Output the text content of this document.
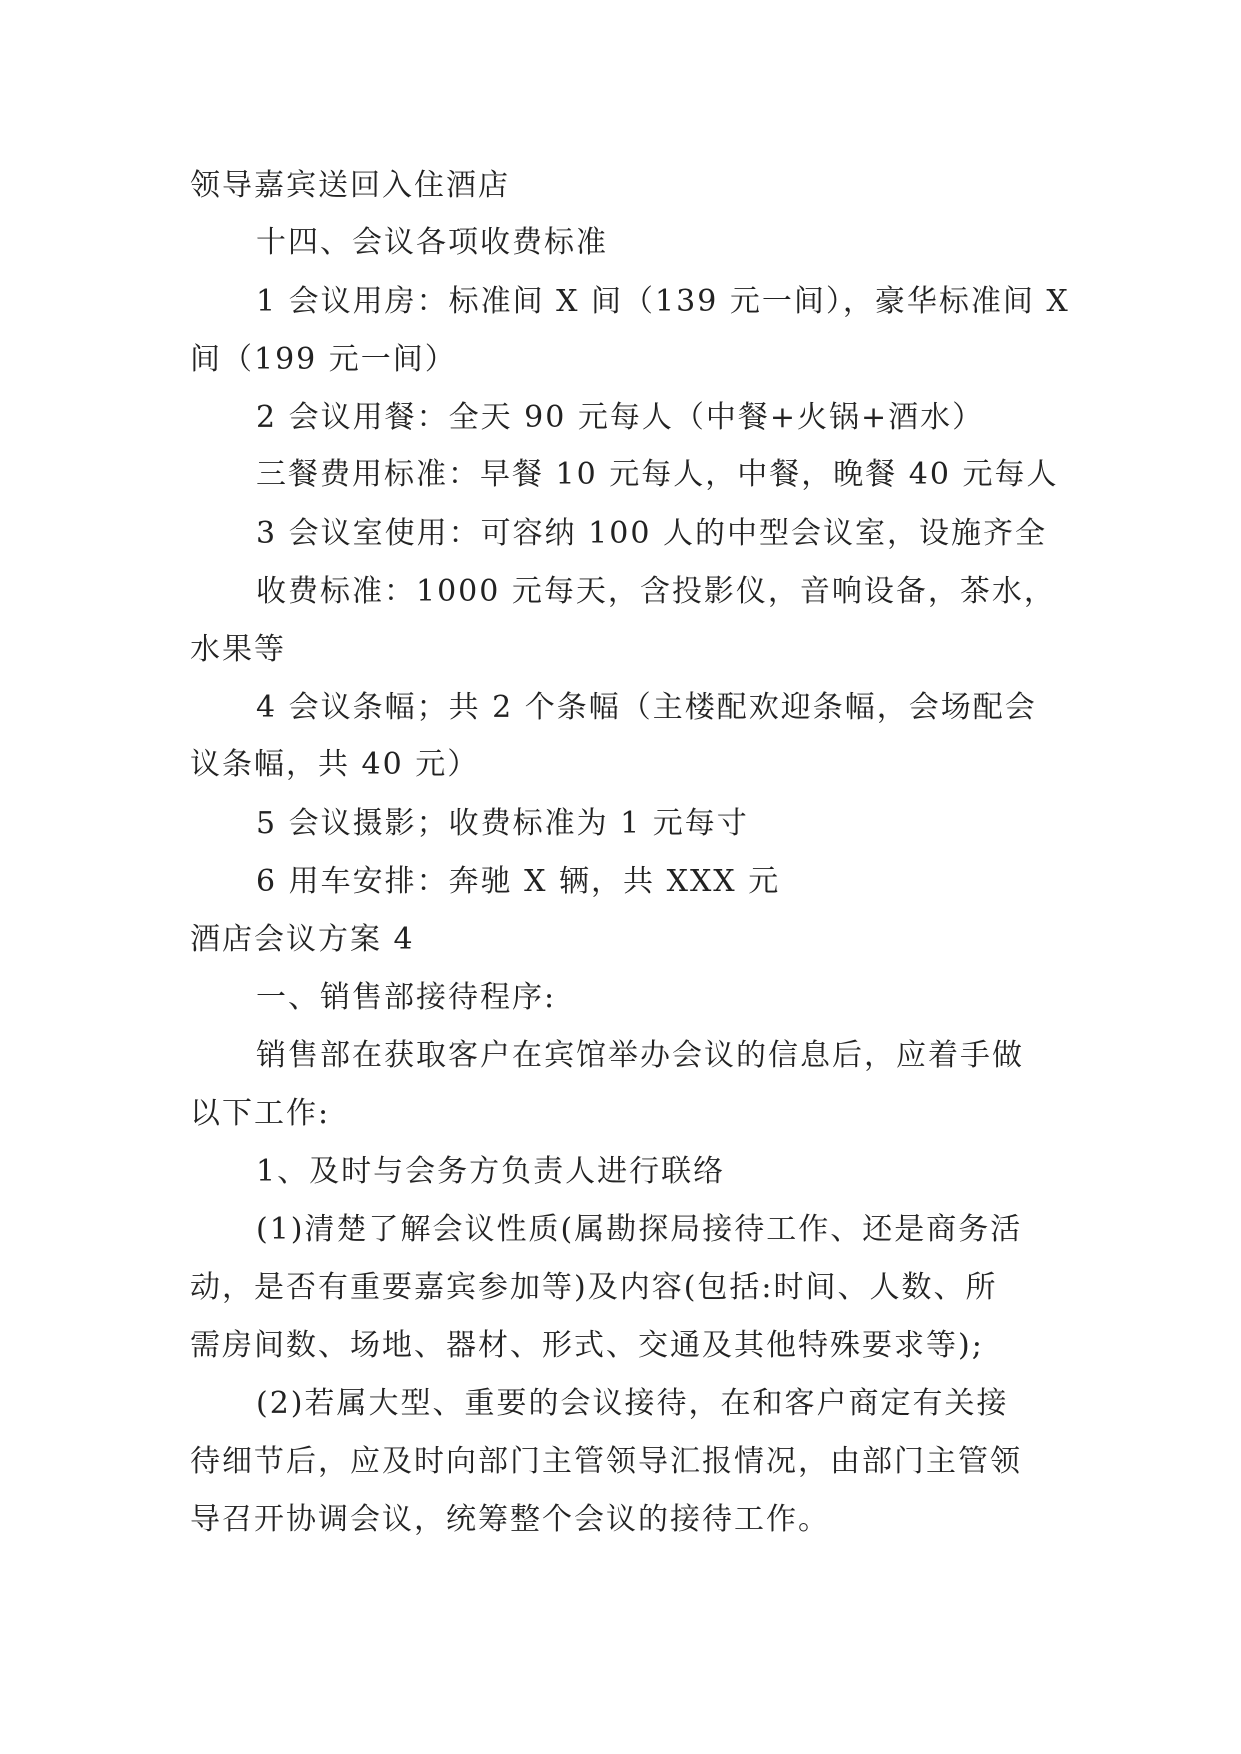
领导嘉宾送回入住酒店
十四、会议各项收费标准
1 会议用房：标准间 X 间（139 元一间），豪华标准间 X
间（199 元一间）
2 会议用餐：全天 90 元每人（中餐+火锅+酒水）
三餐费用标准：早餐 10 元每人，中餐，晚餐 40 元每人
3 会议室使用：可容纳 100 人的中型会议室，设施齐全
收费标准：1000 元每天，含投影仪，音响设备，茶水，
水果等
4 会议条幅；共 2 个条幅（主楼配欢迎条幅，会场配会
议条幅，共 40 元）
5 会议摄影；收费标准为 1 元每寸
6 用车安排：奔驰 X 辆，共 XXX 元
酒店会议方案 4
一、销售部接待程序:
销售部在获取客户在宾馆举办会议的信息后，应着手做
以下工作:
1、及时与会务方负责人进行联络
(1)清楚了解会议性质(属勘探局接待工作、还是商务活
动，是否有重要嘉宾参加等)及内容(包括:时间、人数、所
需房间数、场地、器材、形式、交通及其他特殊要求等);
(2)若属大型、重要的会议接待，在和客户商定有关接
待细节后，应及时向部门主管领导汇报情况，由部门主管领
导召开协调会议，统筹整个会议的接待工作。
